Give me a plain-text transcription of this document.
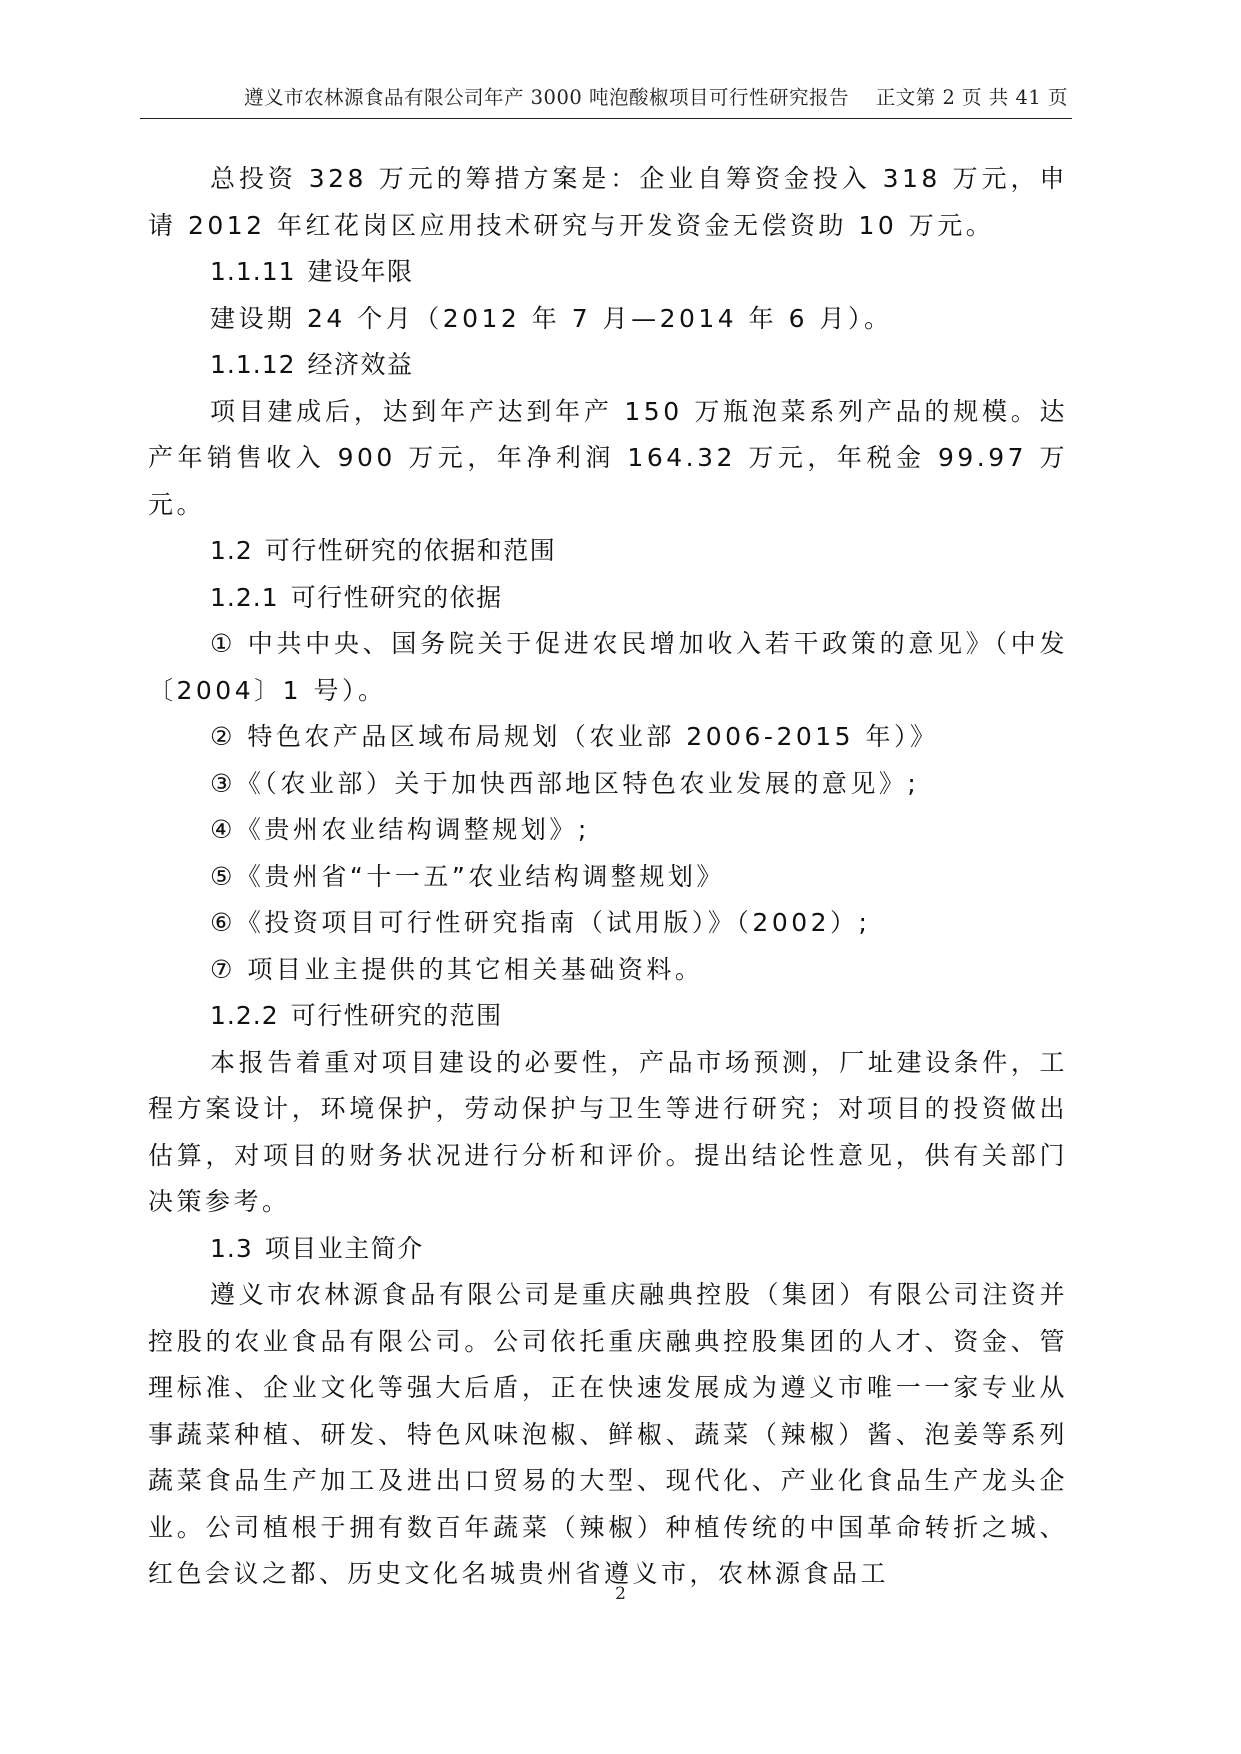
遵义市农林源食品有限公司年产 3000 吨泡酸椒项目可行性研究报告 正文第 2 页 共 41 页

总投资 328 万元的筹措方案是：企业自筹资金投入 318 万元，申请 2012 年红花岗区应用技术研究与开发资金无偿资助 10 万元。

1.1.11 建设年限

建设期 24 个月（2012 年 7 月—2014 年 6 月）。

1.1.12 经济效益

项目建成后，达到年产达到年产 150 万瓶泡菜系列产品的规模。达产年销售收入 900 万元，年净利润 164.32 万元，年税金 99.97 万元。

1.2 可行性研究的依据和范围

1.2.1 可行性研究的依据

① 中共中央、国务院关于促进农民增加收入若干政策的意见》（中发〔2004〕1 号）。

② 特色农产品区域布局规划（农业部 2006-2015 年）》

③《（农业部）关于加快西部地区特色农业发展的意见》;

④《贵州农业结构调整规划》;

⑤《贵州省“十一五”农业结构调整规划》

⑥《投资项目可行性研究指南（试用版）》（2002）;

⑦ 项目业主提供的其它相关基础资料。

1.2.2 可行性研究的范围

本报告着重对项目建设的必要性，产品市场预测，厂址建设条件，工程方案设计，环境保护，劳动保护与卫生等进行研究；对项目的投资做出估算，对项目的财务状况进行分析和评价。提出结论性意见，供有关部门决策参考。

1.3 项目业主简介

遵义市农林源食品有限公司是重庆融典控股（集团）有限公司注资并控股的农业食品有限公司。公司依托重庆融典控股集团的人才、资金、管理标准、企业文化等强大后盾，正在快速发展成为遵义市唯一一家专业从事蔬菜种植、研发、特色风味泡椒、鲜椒、蔬菜（辣椒）酱、泡姜等系列蔬菜食品生产加工及进出口贸易的大型、现代化、产业化食品生产龙头企业。公司植根于拥有数百年蔬菜（辣椒）种植传统的中国革命转折之城、红色会议之都、历史文化名城贵州省遵义市，农林源食品工

2
